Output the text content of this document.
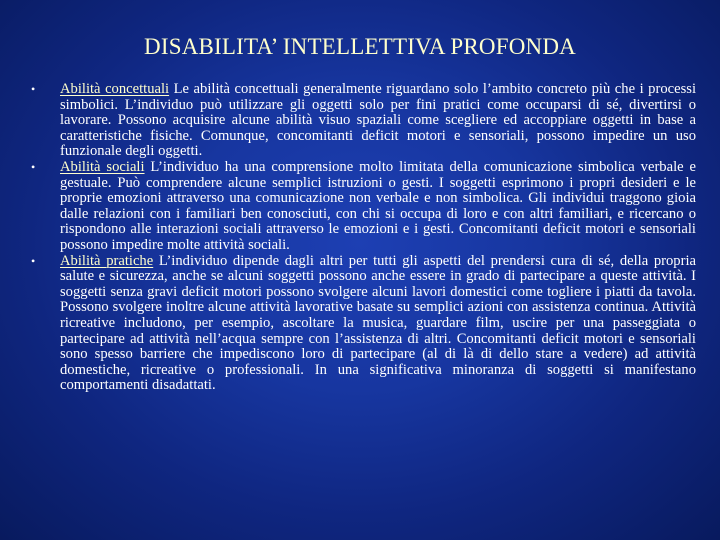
DISABILITA’ INTELLETTIVA PROFONDA
• Abilità concettuali Le abilità concettuali generalmente riguardano solo l’ambito concreto più che i processi simbolici. L’individuo può utilizzare gli oggetti solo per fini pratici come occuparsi di sé, divertirsi o lavorare. Possono acquisire alcune abilità visuo spaziali come scegliere ed accoppiare oggetti in base a caratteristiche fisiche. Comunque, concomitanti deficit motori e sensoriali, possono impedire un uso funzionale degli oggetti.
• Abilità sociali L’individuo ha una comprensione molto limitata della comunicazione simbolica verbale e gestuale. Può comprendere alcune semplici istruzioni o gesti. I soggetti esprimono i propri desideri e le proprie emozioni attraverso una comunicazione non verbale e non simbolica. Gli individui traggono gioia dalle relazioni con i familiari ben conosciuti, con chi si occupa di loro e con altri familiari, e ricercano o rispondono alle interazioni sociali attraverso le emozioni e i gesti. Concomitanti deficit motori e sensoriali possono impedire molte attività sociali.
• Abilità pratiche L’individuo dipende dagli altri per tutti gli aspetti del prendersi cura di sé, della propria salute e sicurezza, anche se alcuni soggetti possono anche essere in grado di partecipare a queste attività. I soggetti senza gravi deficit motori possono svolgere alcuni lavori domestici come togliere i piatti da tavola. Possono svolgere inoltre alcune attività lavorative basate su semplici azioni con assistenza continua. Attività ricreative includono, per esempio, ascoltare la musica, guardare film, uscire per una passeggiata o partecipare ad attività nell’acqua sempre con l’assistenza di altri. Concomitanti deficit motori e sensoriali sono spesso barriere che impediscono loro di partecipare (al di là di dello stare a vedere) ad attività domestiche, ricreative o professionali. In una significativa minoranza di soggetti si manifestano comportamenti disadattati.
